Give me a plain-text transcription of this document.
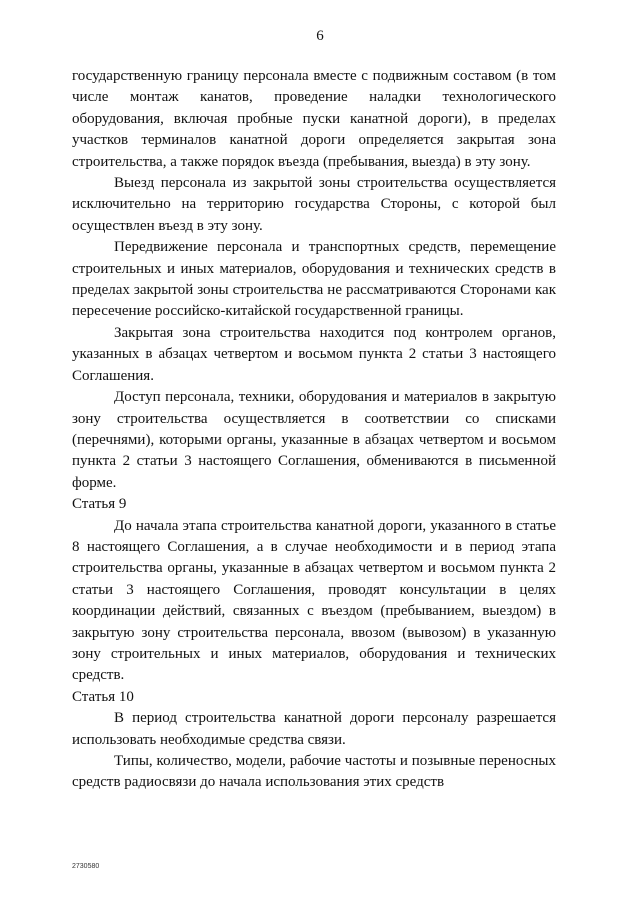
6

государственную границу персонала вместе с подвижным составом (в том числе монтаж канатов, проведение наладки технологического оборудования, включая пробные пуски канатной дороги), в пределах участков терминалов канатной дороги определяется закрытая зона строительства, а также порядок въезда (пребывания, выезда) в эту зону.

Выезд персонала из закрытой зоны строительства осуществляется исключительно на территорию государства Стороны, с которой был осуществлен въезд в эту зону.

Передвижение персонала и транспортных средств, перемещение строительных и иных материалов, оборудования и технических средств в пределах закрытой зоны строительства не рассматриваются Сторонами как пересечение российско-китайской государственной границы.

Закрытая зона строительства находится под контролем органов, указанных в абзацах четвертом и восьмом пункта 2 статьи 3 настоящего Соглашения.

Доступ персонала, техники, оборудования и материалов в закрытую зону строительства осуществляется в соответствии со списками (перечнями), которыми органы, указанные в абзацах четвертом и восьмом пункта 2 статьи 3 настоящего Соглашения, обмениваются в письменной форме.

Статья 9

До начала этапа строительства канатной дороги, указанного в статье 8 настоящего Соглашения, а в случае необходимости и в период этапа строительства органы, указанные в абзацах четвертом и восьмом пункта 2 статьи 3 настоящего Соглашения, проводят консультации в целях координации действий, связанных с въездом (пребыванием, выездом) в закрытую зону строительства персонала, ввозом (вывозом) в указанную зону строительных и иных материалов, оборудования и технических средств.

Статья 10

В период строительства канатной дороги персоналу разрешается использовать необходимые средства связи.

Типы, количество, модели, рабочие частоты и позывные переносных средств радиосвязи до начала использования этих средств

2730580
